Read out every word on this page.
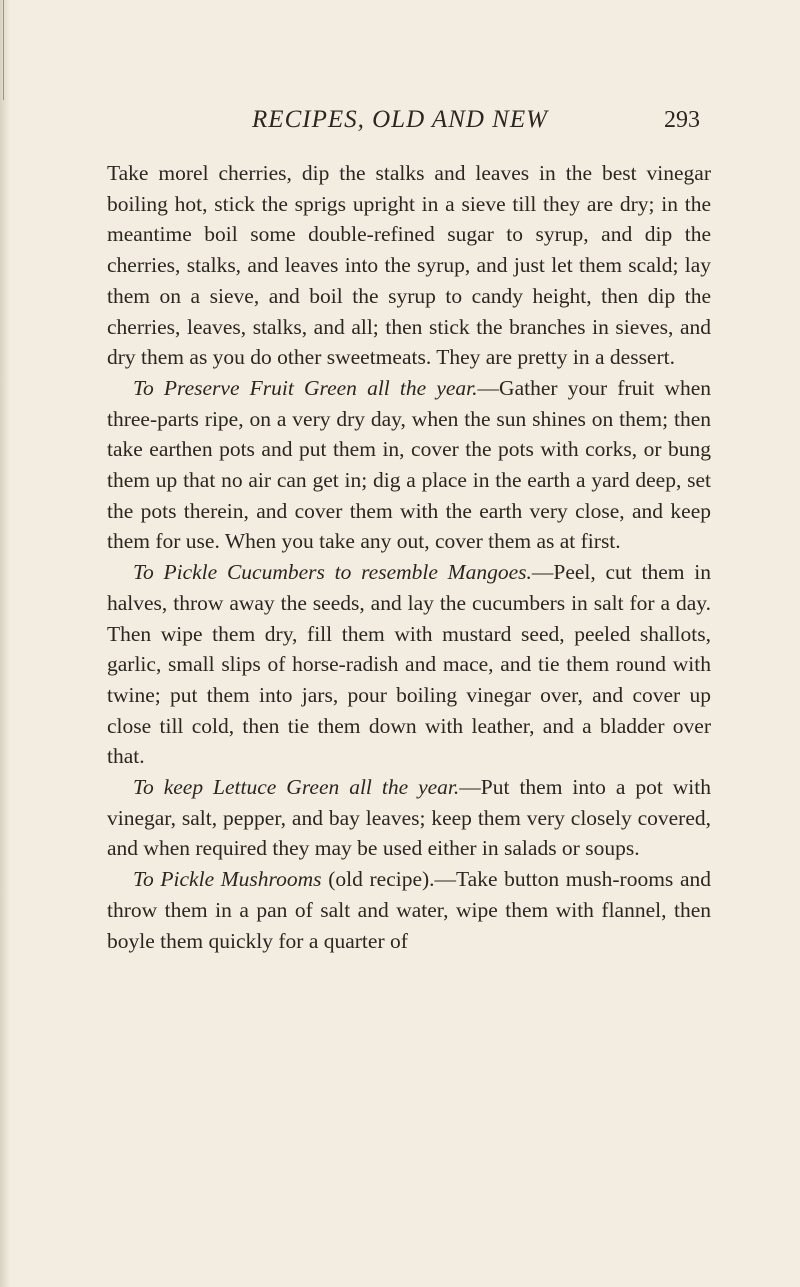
RECIPES, OLD AND NEW	293

Take morel cherries, dip the stalks and leaves in the best vinegar boiling hot, stick the sprigs upright in a sieve till they are dry; in the meantime boil some double-refined sugar to syrup, and dip the cherries, stalks, and leaves into the syrup, and just let them scald; lay them on a sieve, and boil the syrup to candy height, then dip the cherries, leaves, stalks, and all; then stick the branches in sieves, and dry them as you do other sweetmeats. They are pretty in a dessert.

To Preserve Fruit Green all the year.—Gather your fruit when three-parts ripe, on a very dry day, when the sun shines on them; then take earthen pots and put them in, cover the pots with corks, or bung them up that no air can get in; dig a place in the earth a yard deep, set the pots therein, and cover them with the earth very close, and keep them for use. When you take any out, cover them as at first.

To Pickle Cucumbers to resemble Mangoes.—Peel, cut them in halves, throw away the seeds, and lay the cucumbers in salt for a day. Then wipe them dry, fill them with mustard seed, peeled shallots, garlic, small slips of horse-radish and mace, and tie them round with twine; put them into jars, pour boiling vinegar over, and cover up close till cold, then tie them down with leather, and a bladder over that.

To keep Lettuce Green all the year.—Put them into a pot with vinegar, salt, pepper, and bay leaves; keep them very closely covered, and when required they may be used either in salads or soups.

To Pickle Mushrooms (old recipe).—Take button mush-rooms and throw them in a pan of salt and water, wipe them with flannel, then boyle them quickly for a quarter of
